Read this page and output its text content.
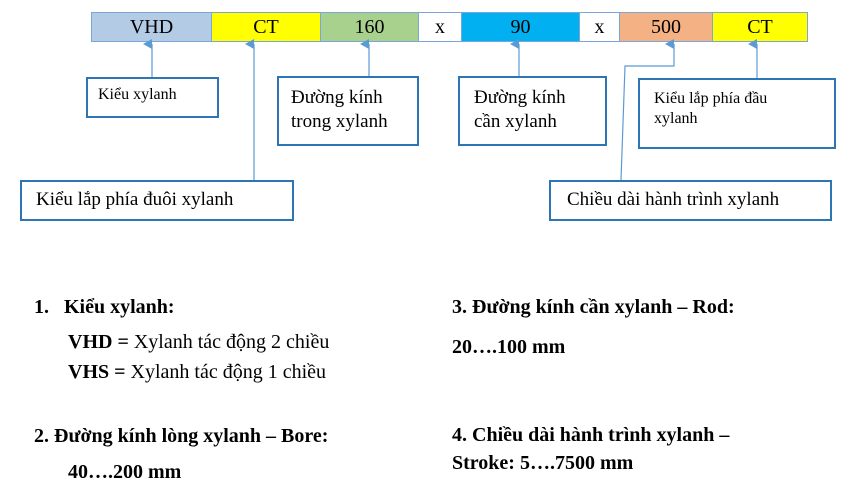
VHD	CT	160	x	90	x 500	CT
Kiểu xylanh	Đường kính
trong xylanh
Đường kính
cần xylanh
Kiểu lắp phía đầu
xylanh
Kiểu lắp phía đuôi xylanh	Chiều dài hành trình xylanh
1. Kiểu xylanh:
VHD = Xylanh tác động 2 chiều
VHS = Xylanh tác động 1 chiều
2. Đường kính lòng xylanh – Bore:
40….200 mm
3. Đường kính cần xylanh – Rod:
20….100 mm
4. Chiều dài hành trình xylanh –
Stroke: 5….7500 mm
